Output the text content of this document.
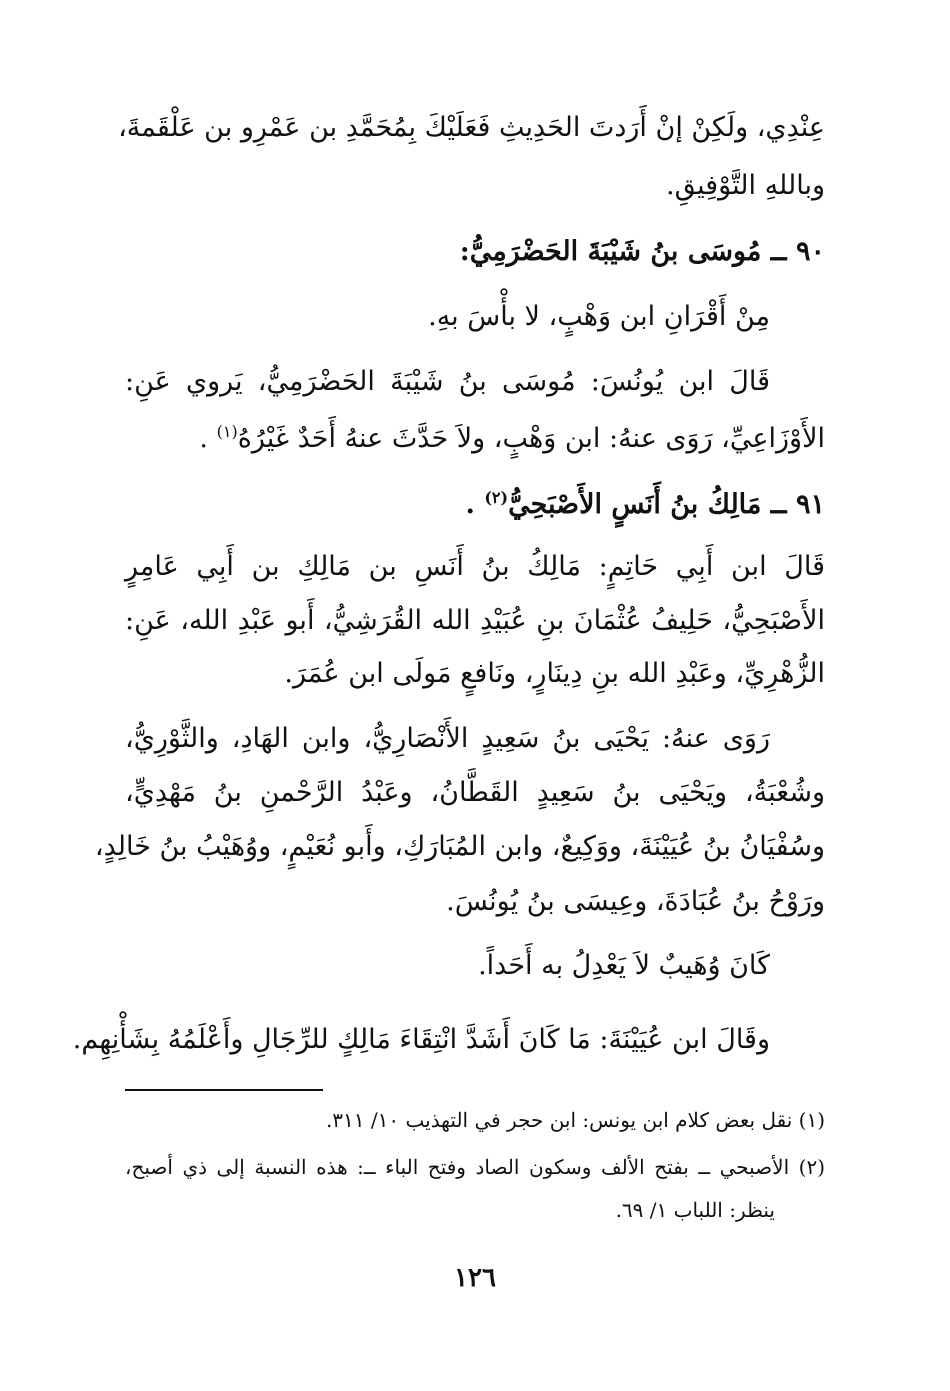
عِنْدِي، ولَكِنْ إنْ أَرَدتَ الحَدِيثِ فَعَلَيْكَ بِمُحَمَّدِ بن عَمْرِو بن عَلْقَمةَ،
وباللهِ التَّوْفِيقِ.
٩٠ ــ مُوسَى بنُ شَيْبَةَ الحَضْرَمِيُّ:
مِنْ أَقْرَانِ ابن وَهْبٍ، لا بأْسَ بهِ.
قَالَ ابن يُونُسَ: مُوسَى بنُ شَيْبَةَ الحَضْرَمِيُّ، يَروي عَنِ:
الأَوْزَاعِيِّ، رَوَى عنهُ: ابن وَهْبٍ، ولاَ حَدَّثَ عنهُ أَحَدٌ غَيْرُهُ$^{(١)}$ .
٩١ ــ مَالِكُ بنُ أَنَسٍ الأَصْبَحِيُّ$^{(٢)}$ .
قَالَ ابن أَبِي حَاتِمٍ: مَالِكُ بنُ أَنَسِ بن مَالِكِ بن أَبِي عَامِرٍ
الأَصْبَحِيُّ، حَلِيفُ عُثْمَانَ بنِ عُبَيْدِ الله القُرَشِيُّ، أَبو عَبْدِ الله، عَنِ:
الزُّهْرِيِّ، وعَبْدِ الله بنِ دِينَارٍ، ونَافعٍ مَولَى ابن عُمَرَ.
رَوَى عنهُ: يَحْيَى بنُ سَعِيدٍ الأَنْصَارِيُّ، وابن الهَادِ، والثَّوْرِيُّ،
وشُعْبَةُ، ويَحْيَى بنُ سَعِيدٍ القَطَّانُ، وعَبْدُ الرَّحْمنِ بنُ مَهْدِيٍّ،
وسُفْيَانُ بنُ عُيَيْنَةَ، ووَكِيعٌ، وابن المُبَارَكِ، وأَبو نُعَيْمٍ، ووُهَيْبُ بنُ خَالِدٍ،
ورَوْحُ بنُ عُبَادَةَ، وعِيسَى بنُ يُونُسَ.
كَانَ وُهَيبٌ لاَ يَعْدِلُ به أَحَداً.
وقَالَ ابن عُيَيْنَةَ: مَا كَانَ أَشَدَّ انْتِقَاءَ مَالِكٍ للرِّجَالِ وأَعْلَمُهُ بِشَأْنِهِم.
(١) نقل بعض كلام ابن يونس: ابن حجر في التهذيب ١٠/ ٣١١.
(٢) الأصبحي ــ بفتح الألف وسكون الصاد وفتح الباء ــ: هذه النسبة إلى ذي أصبح،
ينظر: اللباب ١/ ٦٩.
١٢٦
